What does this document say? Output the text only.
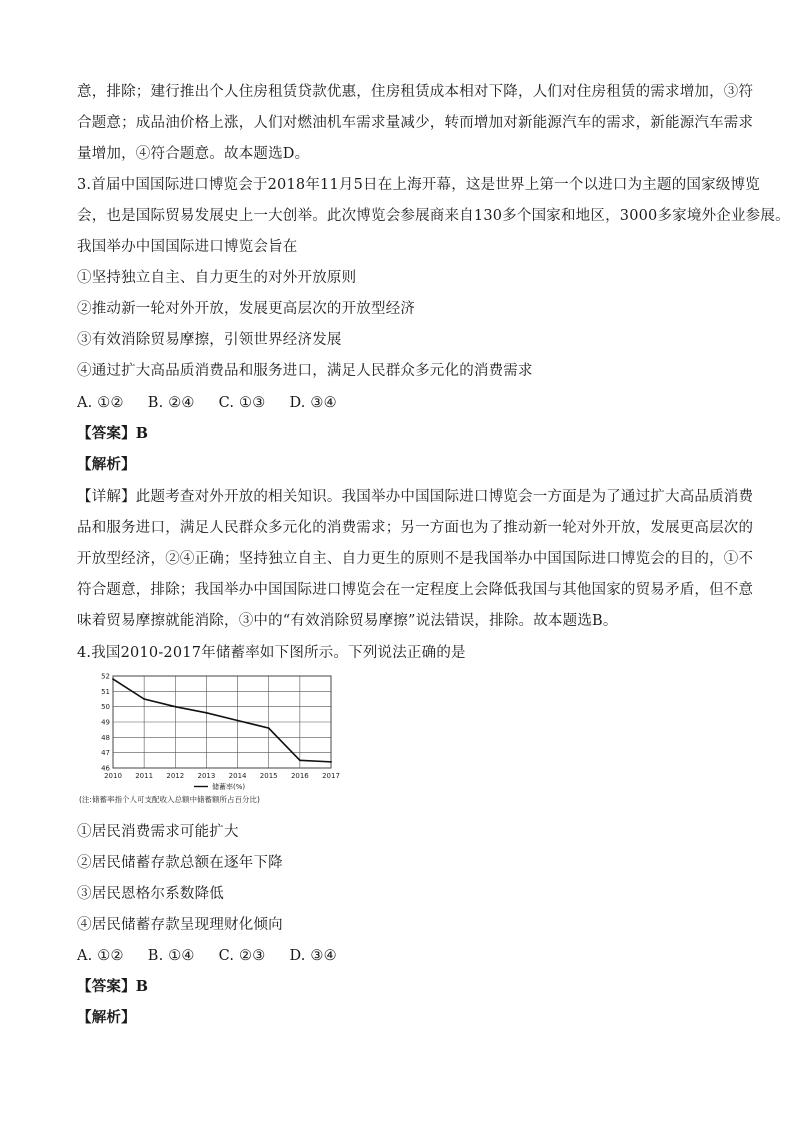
意，排除；建行推出个人住房租赁贷款优惠，住房租赁成本相对下降，人们对住房租赁的需求增加，③符
合题意；成品油价格上涨，人们对燃油机车需求量减少，转而增加对新能源汽车的需求，新能源汽车需求
量增加，④符合题意。故本题选D。
3.首届中国国际进口博览会于2018年11月5日在上海开幕，这是世界上第一个以进口为主题的国家级博览
会，也是国际贸易发展史上一大创举。此次博览会参展商来自130多个国家和地区，3000多家境外企业参展。
我国举办中国国际进口博览会旨在
①坚持独立自主、自力更生的对外开放原则
②推动新一轮对外开放，发展更高层次的开放型经济
③有效消除贸易摩擦，引领世界经济发展
④通过扩大高品质消费品和服务进口，满足人民群众多元化的消费需求
A. ①②     B. ②④     C. ①③     D. ③④
【答案】B
【解析】
【详解】此题考查对外开放的相关知识。我国举办中国国际进口博览会一方面是为了通过扩大高品质消费
品和服务进口，满足人民群众多元化的消费需求；另一方面也为了推动新一轮对外开放，发展更高层次的
开放型经济，②④正确；坚持独立自主、自力更生的原则不是我国举办中国国际进口博览会的目的，①不
符合题意，排除；我国举办中国国际进口博览会在一定程度上会降低我国与其他国家的贸易矛盾，但不意
味着贸易摩擦就能消除，③中的“有效消除贸易摩擦”说法错误，排除。故本题选B。
4.我国2010-2017年储蓄率如下图所示。下列说法正确的是
46
47
48
49
50
51
52
2010 2011 2012 2013 2014 2015 2016 2017
储蓄率(%)
(注:储蓄率指个人可支配收入总额中储蓄额所占百分比)
①居民消费需求可能扩大
②居民储蓄存款总额在逐年下降
③居民恩格尔系数降低
④居民储蓄存款呈现理财化倾向
A. ①②     B. ①④     C. ②③     D. ③④
【答案】B
【解析】
